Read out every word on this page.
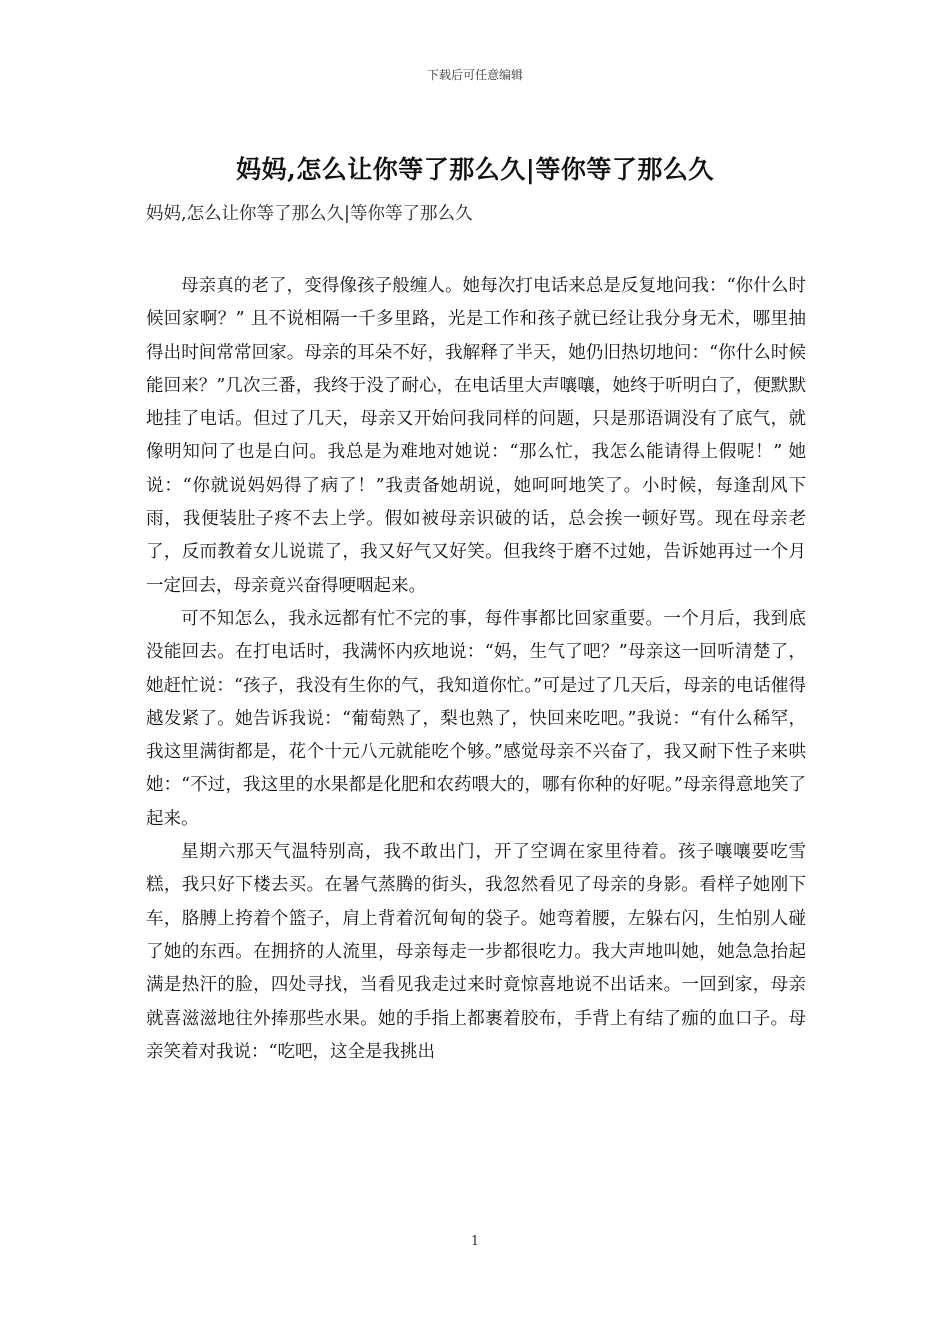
下载后可任意编辑
妈妈,怎么让你等了那么久|等你等了那么久
妈妈,怎么让你等了那么久|等你等了那么久

母亲真的老了，变得像孩子般缠人。她每次打电话来总是反复地问我：“你什么时候回家啊？” 且不说相隔一千多里路，光是工作和孩子就已经让我分身无术，哪里抽得出时间常常回家。母亲的耳朵不好，我解释了半天，她仍旧热切地问：“你什么时候能回来？”几次三番，我终于没了耐心，在电话里大声嚷嚷，她终于听明白了，便默默地挂了电话。但过了几天，母亲又开始问我同样的问题，只是那语调没有了底气，就像明知问了也是白问。我总是为难地对她说：“那么忙，我怎么能请得上假呢！” 她说：“你就说妈妈得了病了！”我责备她胡说，她呵呵地笑了。小时候，每逢刮风下雨，我便装肚子疼不去上学。假如被母亲识破的话，总会挨一顿好骂。现在母亲老了，反而教着女儿说谎了，我又好气又好笑。但我终于磨不过她，告诉她再过一个月一定回去，母亲竟兴奋得哽咽起来。

可不知怎么，我永远都有忙不完的事，每件事都比回家重要。一个月后，我到底没能回去。在打电话时，我满怀内疚地说：“妈，生气了吧？”母亲这一回听清楚了，她赶忙说：“孩子，我没有生你的气，我知道你忙。”可是过了几天后，母亲的电话催得越发紧了。她告诉我说：“葡萄熟了，梨也熟了，快回来吃吧。”我说：“有什么稀罕，我这里满街都是，花个十元八元就能吃个够。”感觉母亲不兴奋了，我又耐下性子来哄她：“不过，我这里的水果都是化肥和农药喂大的，哪有你种的好呢。”母亲得意地笑了起来。

星期六那天气温特别高，我不敢出门，开了空调在家里待着。孩子嚷嚷要吃雪糕，我只好下楼去买。在暑气蒸腾的街头，我忽然看见了母亲的身影。看样子她刚下车，胳膊上挎着个篮子，肩上背着沉甸甸的袋子。她弯着腰，左躲右闪，生怕别人碰了她的东西。在拥挤的人流里，母亲每走一步都很吃力。我大声地叫她，她急急抬起满是热汗的脸，四处寻找，当看见我走过来时竟惊喜地说不出话来。一回到家，母亲就喜滋滋地往外捧那些水果。她的手指上都裹着胶布，手背上有结了痂的血口子。母亲笑着对我说：“吃吧，这全是我挑出

1
